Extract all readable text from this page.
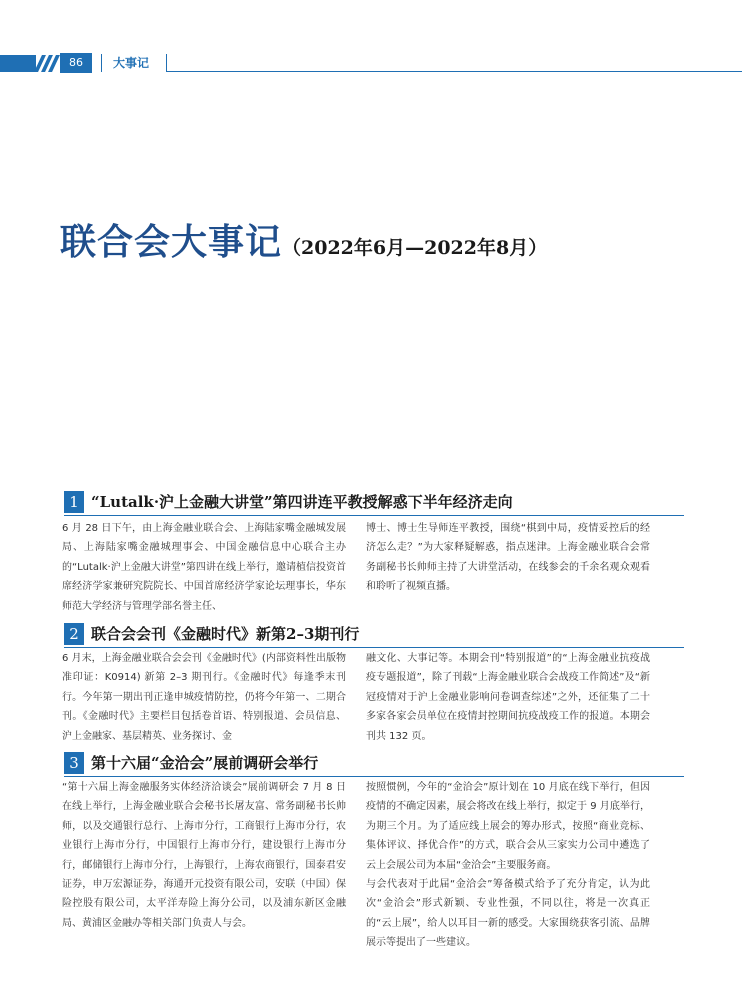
86	大事记
联合会大事记（2022年6月—2022年8月）
1 “Lutalk·沪上金融大讲堂”第四讲连平教授解惑下半年经济走向

6 月 28 日下午，由上海金融业联合会、上海陆家嘴金融城发展局、上海陆家嘴金融城理事会、中国金融信息中心联合主办的“Lutalk·沪上金融大讲堂”第四讲在线上举行，邀请植信投资首席经济学家兼研究院院长、中国首席经济学家论坛理事长，华东师范大学经济与管理学部名誉主任、

博士、博士生导师连平教授，围绕“棋到中局，疫情妥控后的经济怎么走？”为大家释疑解惑，指点迷津。上海金融业联合会常务副秘书长帅师主持了大讲堂活动，在线参会的千余名观众观看和聆听了视频直播。

2 联合会会刊《金融时代》新第2–3期刊行

6 月末，上海金融业联合会会刊《金融时代》(内部资料性出版物准印证：K0914) 新第 2–3 期刊行。《金融时代》每逢季末刊行。今年第一期出刊正逢申城疫情防控，仍将今年第一、二期合刊。《金融时代》主要栏目包括卷首语、特别报道、会员信息、沪上金融家、基层精英、业务探讨、金

融文化、大事记等。本期会刊“特别报道”的“上海金融业抗疫战疫专题报道”，除了刊载“上海金融业联合会战疫工作简述”及“新冠疫情对于沪上金融业影响问卷调查综述”之外，还征集了二十多家各家会员单位在疫情封控期间抗疫战疫工作的报道。本期会刊共 132 页。

3 第十六届“金洽会”展前调研会举行

“第十六届上海金融服务实体经济洽谈会”展前调研会 7 月 8 日在线上举行，上海金融业联合会秘书长屠友富、常务副秘书长帅师，以及交通银行总行、上海市分行，工商银行上海市分行，农业银行上海市分行，中国银行上海市分行，建设银行上海市分行，邮储银行上海市分行，上海银行，上海农商银行，国泰君安证券，申万宏源证券，海通开元投资有限公司，安联（中国）保险控股有限公司，太平洋寿险上海分公司，以及浦东新区金融局、黄浦区金融办等相关部门负责人与会。

按照惯例，今年的“金洽会”原计划在 10 月底在线下举行，但因疫情的不确定因素，展会将改在线上举行，拟定于 9 月底举行，为期三个月。为了适应线上展会的筹办形式，按照“商业竞标、集体评议、择优合作”的方式，联合会从三家实力公司中遴选了云上会展公司为本届“金洽会”主要服务商。

与会代表对于此届“金洽会”筹备模式给予了充分肯定，认为此次“金洽会”形式新颖、专业性强，不同以往，将是一次真正的“云上展”，给人以耳目一新的感受。大家围绕获客引流、品牌展示等提出了一些建议。
